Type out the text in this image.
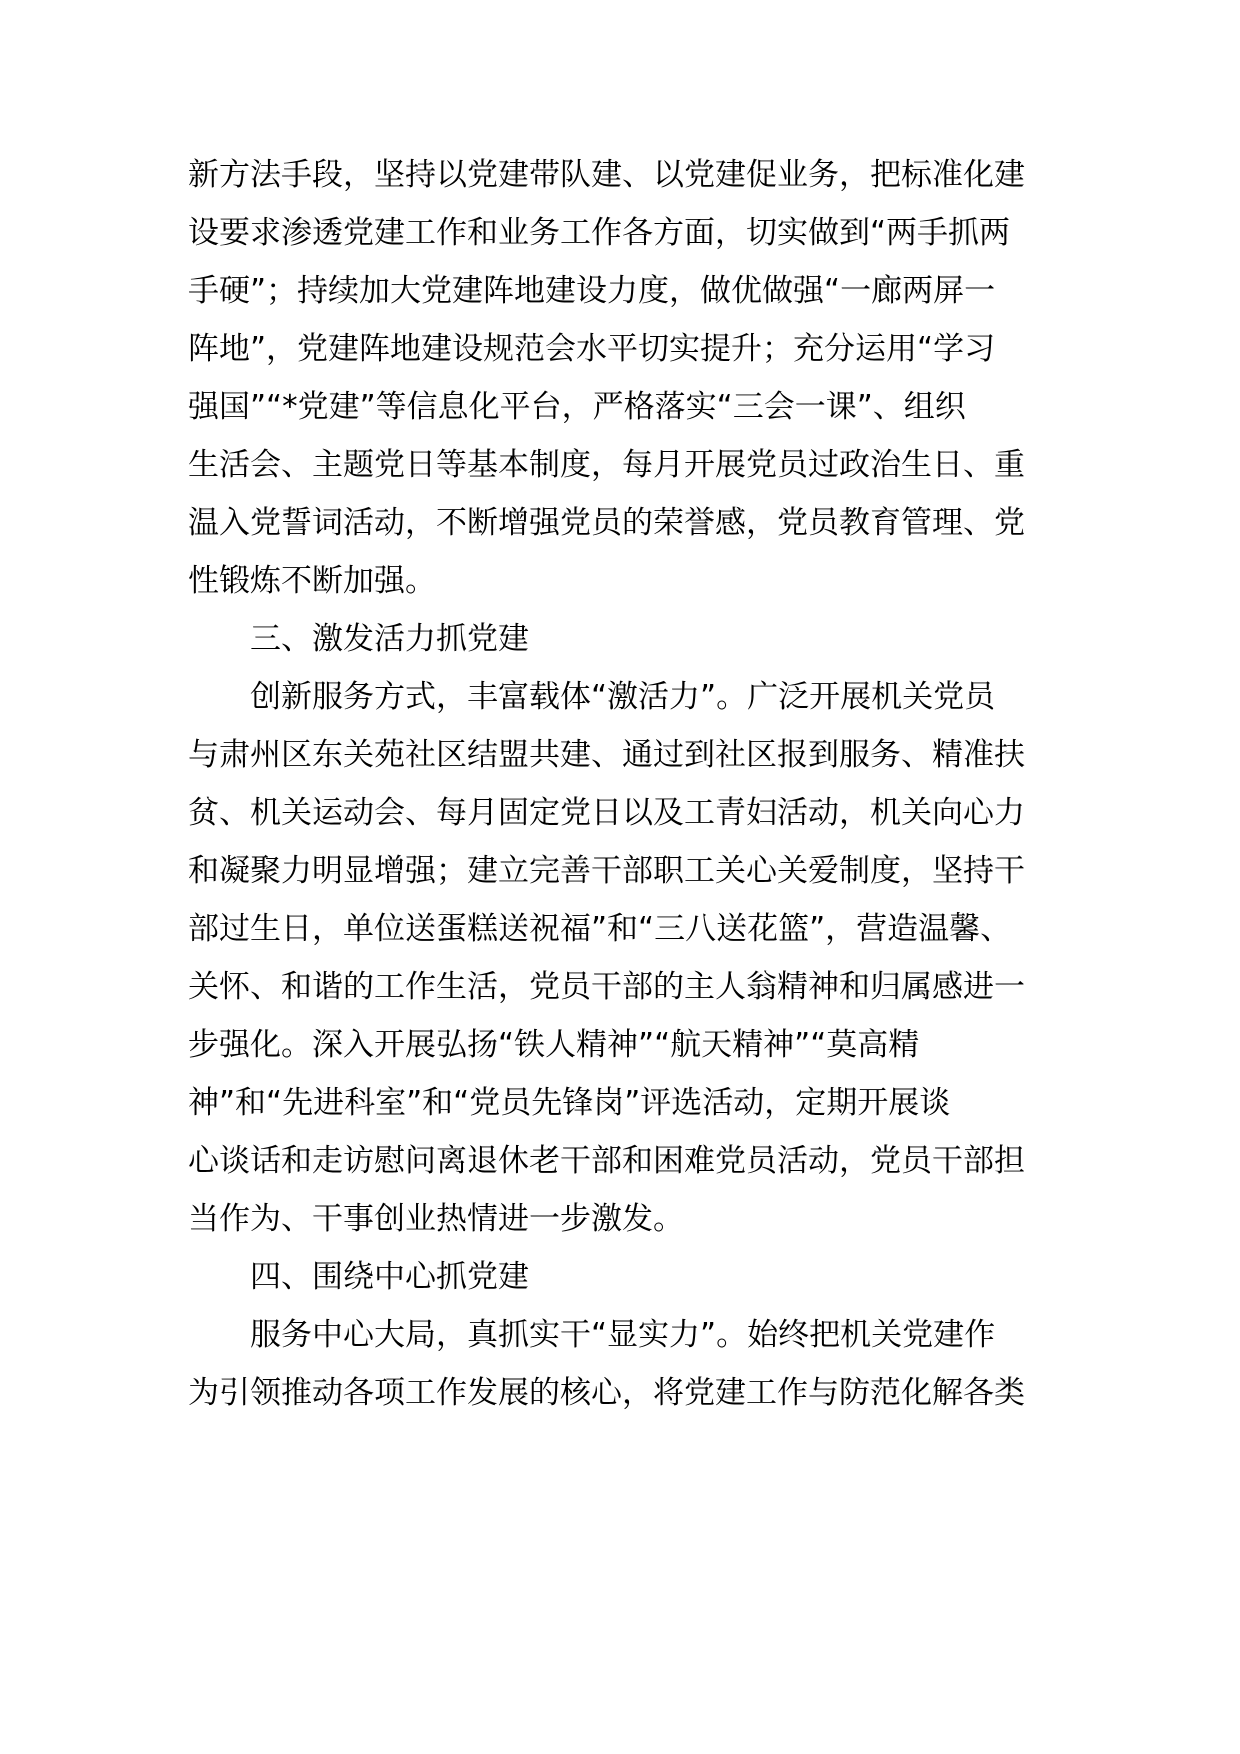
新方法手段，坚持以党建带队建、以党建促业务，把标准化建
设要求渗透党建工作和业务工作各方面，切实做到“两手抓两
手硬”；持续加大党建阵地建设力度，做优做强“一廊两屏一
阵地”，党建阵地建设规范会水平切实提升；充分运用“学习
强国”“*党建”等信息化平台，严格落实“三会一课”、组织
生活会、主题党日等基本制度，每月开展党员过政治生日、重
温入党誓词活动，不断增强党员的荣誉感，党员教育管理、党
性锻炼不断加强。
三、激发活力抓党建
创新服务方式，丰富载体“激活力”。广泛开展机关党员
与肃州区东关苑社区结盟共建、通过到社区报到服务、精准扶
贫、机关运动会、每月固定党日以及工青妇活动，机关向心力
和凝聚力明显增强；建立完善干部职工关心关爱制度，坚持干
部过生日，单位送蛋糕送祝福”和“三八送花篮”，营造温馨、
关怀、和谐的工作生活，党员干部的主人翁精神和归属感进一
步强化。深入开展弘扬“铁人精神”“航天精神”“莫高精
神”和“先进科室”和“党员先锋岗”评选活动，定期开展谈
心谈话和走访慰问离退休老干部和困难党员活动，党员干部担
当作为、干事创业热情进一步激发。
四、围绕中心抓党建
服务中心大局，真抓实干“显实力”。始终把机关党建作
为引领推动各项工作发展的核心，将党建工作与防范化解各类
